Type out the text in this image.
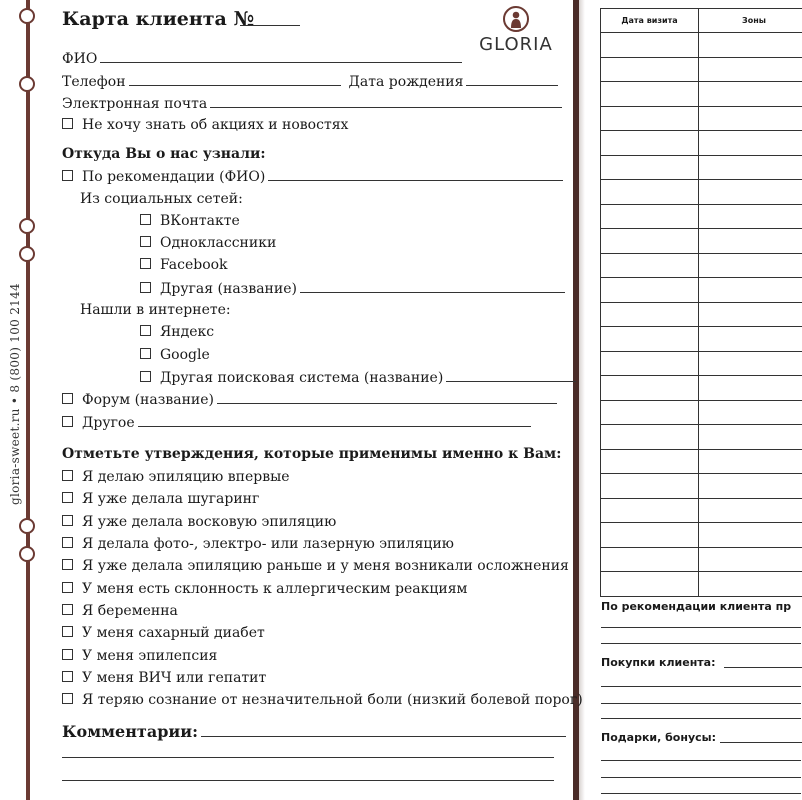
gloria-sweet.ru • 8 (800) 100 2144
Карта клиента №
GLORIA
ФИО
Телефон	Дата рождения
Электронная почта
Не хочу знать об акциях и новостях
Откуда Вы о нас узнали:
По рекомендации (ФИО)
Из социальных сетей:
ВКонтакте
Одноклассники
Facebook
Другая (название)
Нашли в интернете:
Яндекс
Google
Другая поисковая система (название)
Форум (название)
Другое
Отметьте утверждения, которые применимы именно к Вам:
Я делаю эпиляцию впервые
Я уже делала шугаринг
Я уже делала восковую эпиляцию
Я делала фото-, электро- или лазерную эпиляцию
Я уже делала эпиляцию раньше и у меня возникали осложнения
У меня есть склонность к аллергическим реакциям
Я беременна
У меня сахарный диабет
У меня эпилепсия
У меня ВИЧ или гепатит
Я теряю сознание от незначительной боли (низкий болевой порог)
Комментарии:
Дата визита	Зоны

По рекомендации клиента пр
Покупки клиента:
Подарки, бонусы:
